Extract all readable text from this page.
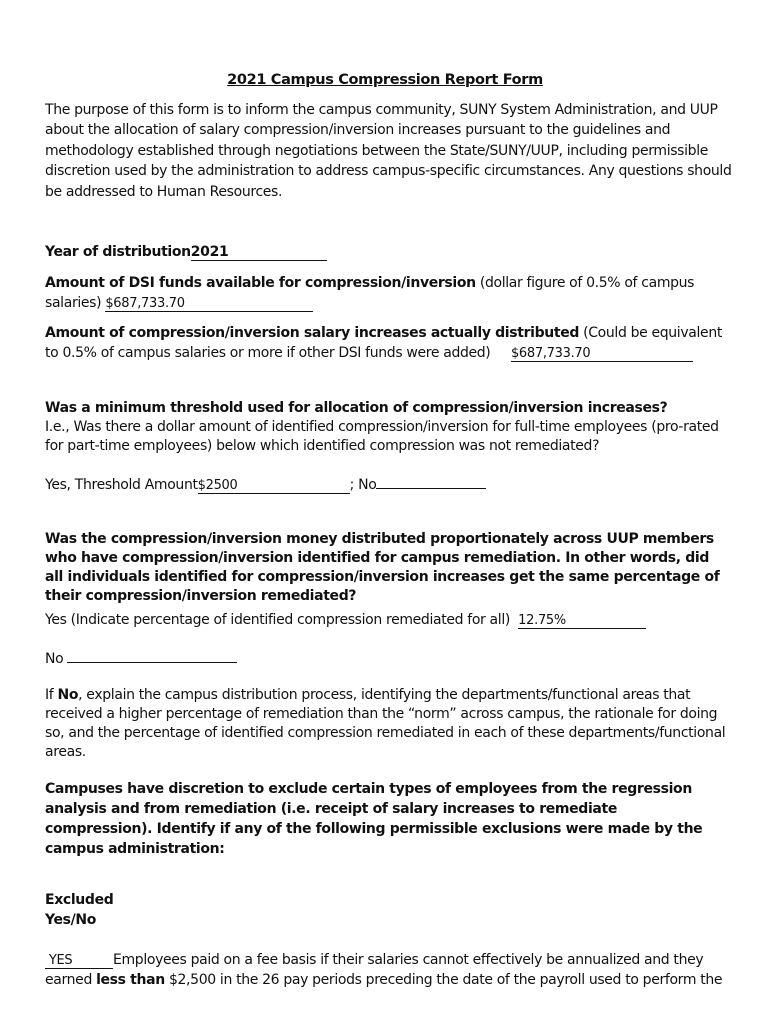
2021 Campus Compression Report Form
The purpose of this form is to inform the campus community, SUNY System Administration, and UUP
about the allocation of salary compression/inversion increases pursuant to the guidelines and
methodology established through negotiations between the State/SUNY/UUP, including permissible
discretion used by the administration to address campus-specific circumstances. Any questions should
be addressed to Human Resources.
Year of distribution2021
Amount of DSI funds available for compression/inversion (dollar figure of 0.5% of campus
salaries) $687,733.70
Amount of compression/inversion salary increases actually distributed (Could be equivalent
to 0.5% of campus salaries or more if other DSI funds were added) $687,733.70
Was a minimum threshold used for allocation of compression/inversion increases?
I.e., Was there a dollar amount of identified compression/inversion for full-time employees (pro-rated
for part-time employees) below which identified compression was not remediated?
Yes, Threshold Amount$2500	; No
Was the compression/inversion money distributed proportionately across UUP members
who have compression/inversion identified for campus remediation. In other words, did
all individuals identified for compression/inversion increases get the same percentage of
their compression/inversion remediated?
Yes (Indicate percentage of identified compression remediated for all) 12.75%
No
If No, explain the campus distribution process, identifying the departments/functional areas that
received a higher percentage of remediation than the “norm” across campus, the rationale for doing
so, and the percentage of identified compression remediated in each of these departments/functional
areas.
Campuses have discretion to exclude certain types of employees from the regression
analysis and from remediation (i.e. receipt of salary increases to remediate
compression). Identify if any of the following permissible exclusions were made by the
campus administration:
Excluded
Yes/No
YES	Employees paid on a fee basis if their salaries cannot effectively be annualized and they
earned less than $2,500 in the 26 pay periods preceding the date of the payroll used to perform the
